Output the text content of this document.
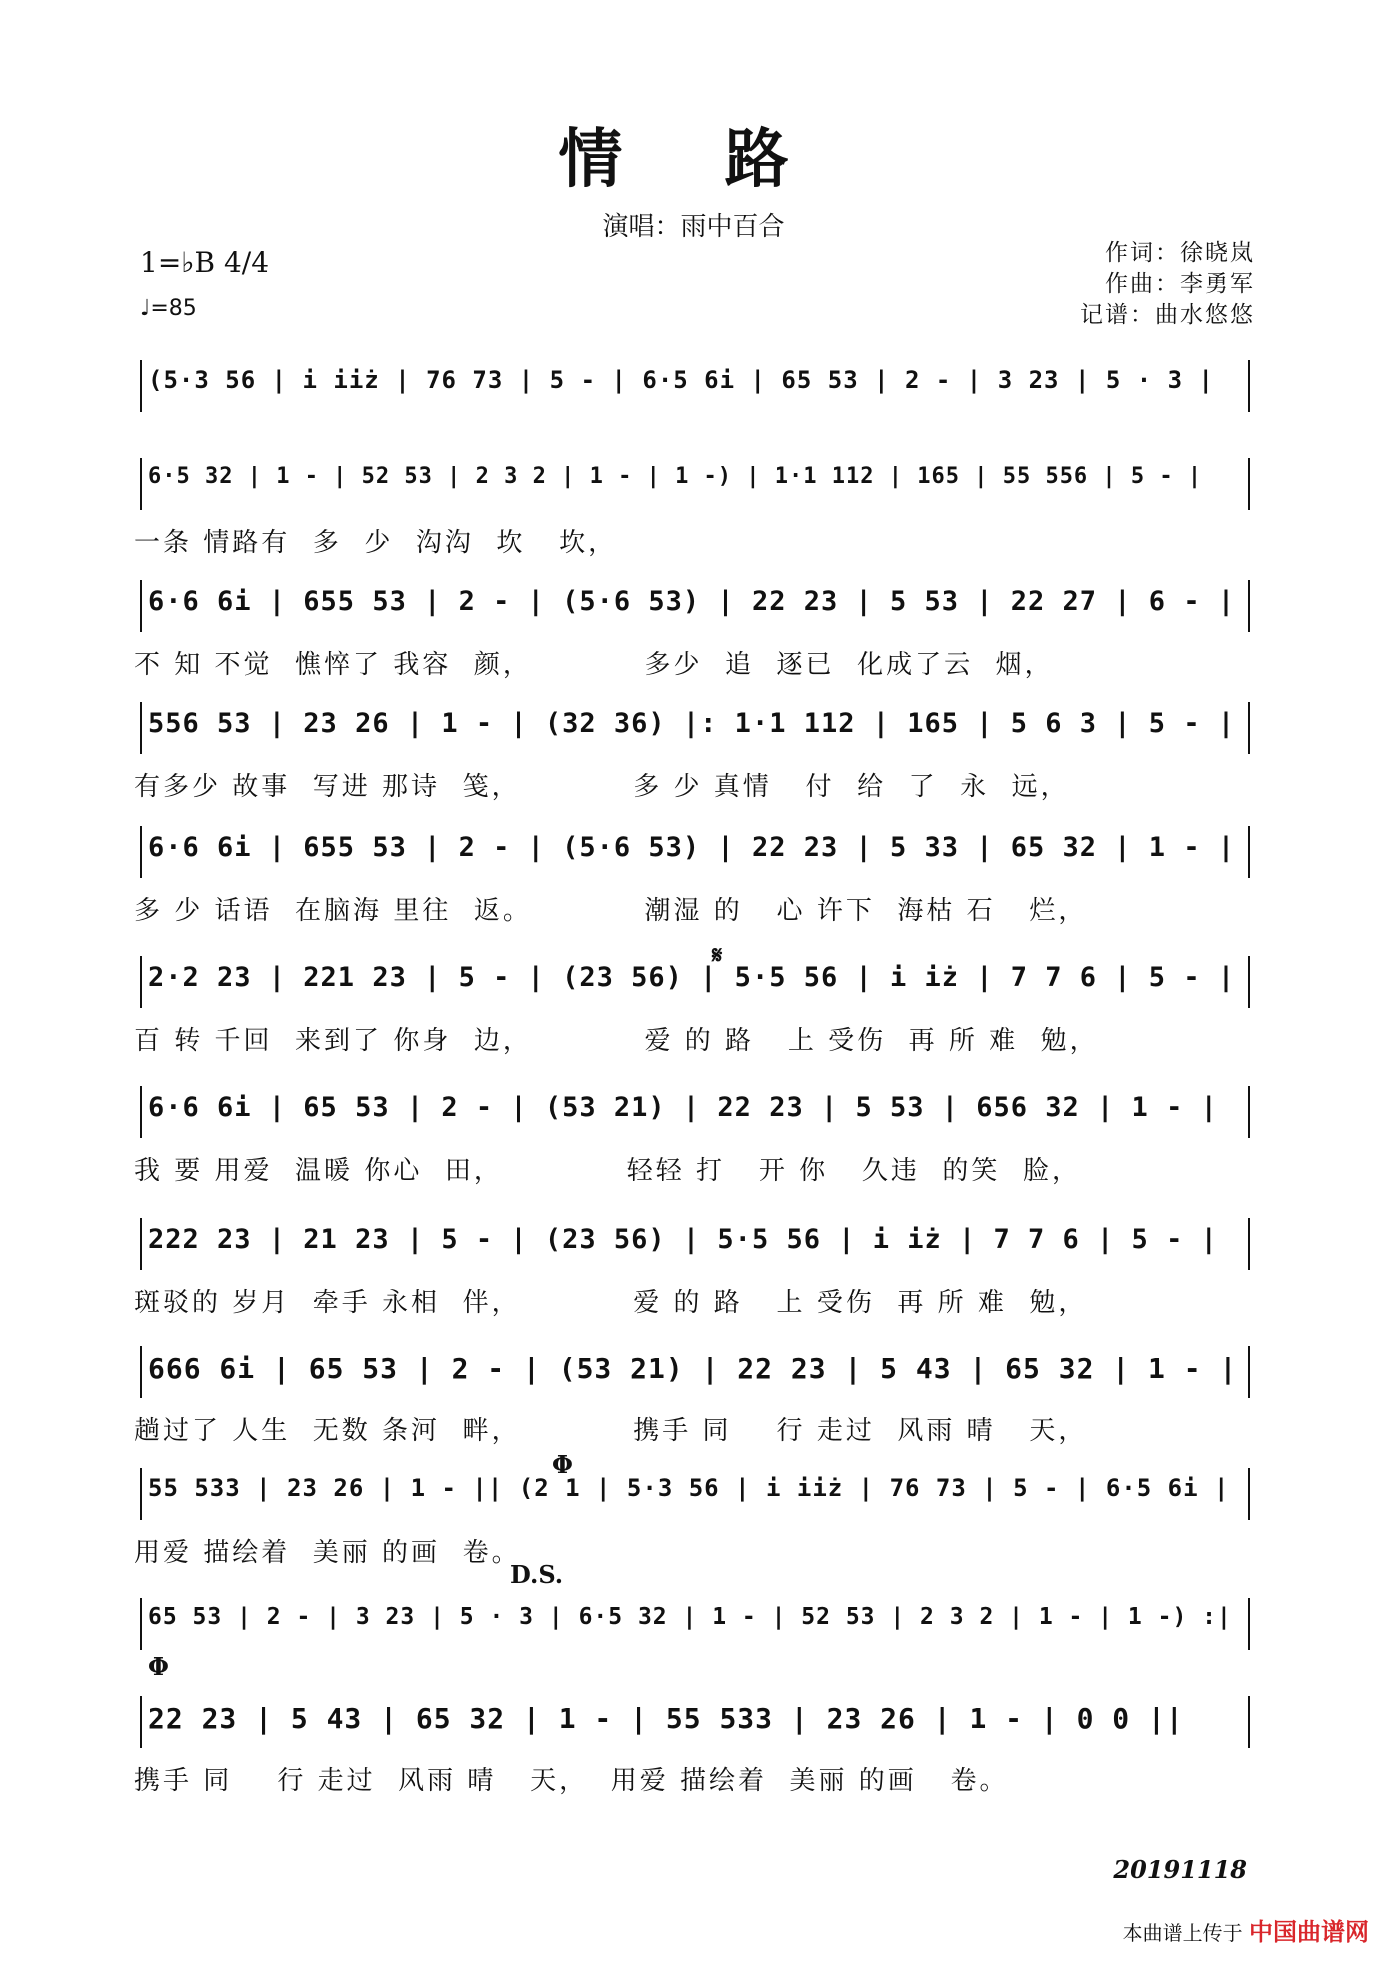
情 路
演唱：雨中百合
1=♭B 4/4
♩=85
作词：徐晓岚
作曲：李勇军
记谱：曲水悠悠
(5·3 56 | i iiż | 76 73 | 5 - | 6·5 6i | 65 53 | 2 - | 3 23 | 5 · 3 |
6·5 32 | 1 - | 52 53 | 2 3 2 | 1 - | 1 -) | 1·1 112 | 165 | 55 556 | 5 - |
一条 情路有  多  少  沟沟  坎   坎，
6·6 6i | 655 53 | 2 - | (5·6 53) | 22 23 | 5 53 | 22 27 | 6 - |
不 知 不觉  憔悴了 我容  颜，          多少  追  逐已  化成了云  烟，
556 53 | 23 26 | 1 - | (32 36) |: 1·1 112 | 165 | 5 6 3 | 5 - |
有多少 故事  写进 那诗  笺，          多 少 真情   付  给  了  永  远，
6·6 6i | 655 53 | 2 - | (5·6 53) | 22 23 | 5 33 | 65 32 | 1 - |
多 少 话语  在脑海 里往  返。          潮湿 的   心 许下  海枯 石   烂，
2·2 23 | 221 23 | 5 - | (23 56) | 5·5 56 | i iż | 7 7 6 | 5 - |
百 转 千回  来到了 你身  边，          爱 的 路   上 受伤  再 所 难  勉，
6·6 6i | 65 53 | 2 - | (53 21) | 22 23 | 5 53 | 656 32 | 1 - |
我 要 用爱  温暖 你心  田，           轻轻 打   开 你   久违  的笑  脸，
222 23 | 21 23 | 5 - | (23 56) | 5·5 56 | i iż | 7 7 6 | 5 - |
斑驳的 岁月  牵手 永相  伴，          爱 的 路   上 受伤  再 所 难  勉，
666 6i | 65 53 | 2 - | (53 21) | 22 23 | 5 43 | 65 32 | 1 - |
趟过了 人生  无数 条河  畔，          携手 同    行 走过  风雨 晴   天，
55 533 | 23 26 | 1 - || (2 1 | 5·3 56 | i iiż | 76 73 | 5 - | 6·5 6i |
用爱 描绘着  美丽 的画  卷。
65 53 | 2 - | 3 23 | 5 · 3 | 6·5 32 | 1 - | 52 53 | 2 3 2 | 1 - | 1 -) :|
22 23 | 5 43 | 65 32 | 1 - | 55 533 | 23 26 | 1 - | 0 0 ||
携手 同    行 走过  风雨 晴   天，  用爱 描绘着  美丽 的画   卷。
𝄋
Φ
Φ
D.S.
20191118
本曲谱上传于 中国曲谱网
